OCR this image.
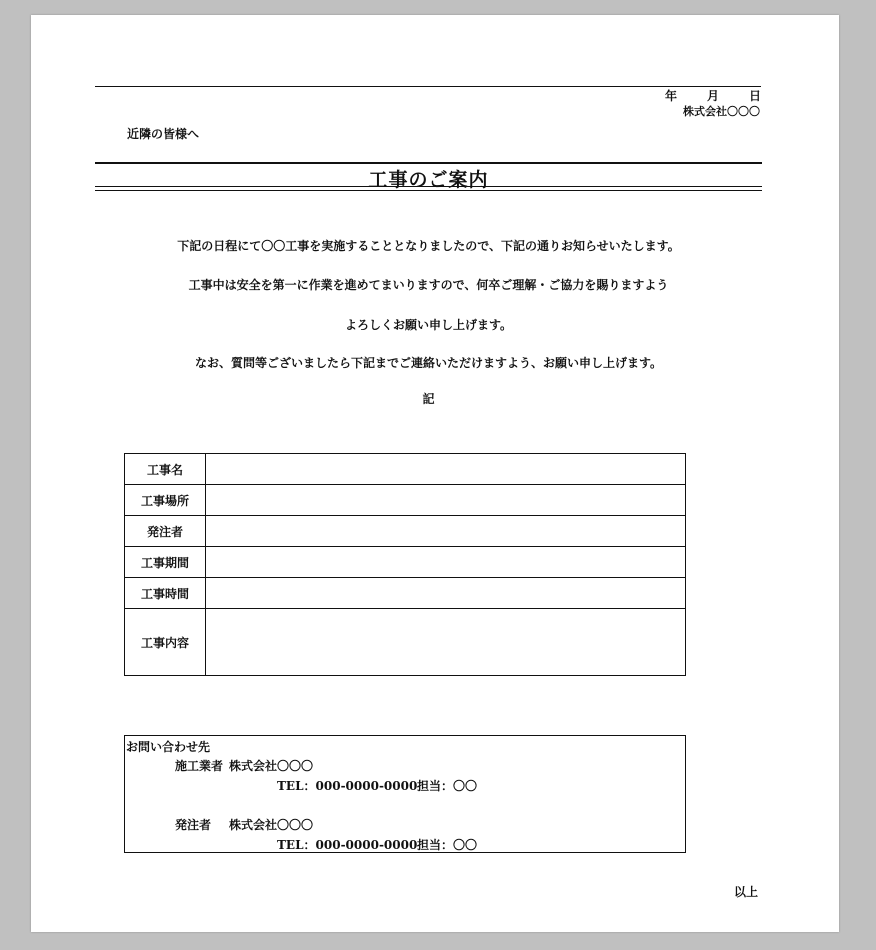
年	月	日
株式会社〇〇〇
近隣の皆様へ
工事のご案内
下記の日程にて〇〇工事を実施することとなりましたので、下記の通りお知らせいたします。
工事中は安全を第一に作業を進めてまいりますので、何卒ご理解・ご協力を賜りますよう
よろしくお願い申し上げます。
なお、質問等ございましたら下記までご連絡いただけますよう、お願い申し上げます。
記
工事名	
工事場所	
発注者	
工事期間	
工事時間	
工事内容	
お問い合わせ先
施工業者 株式会社〇〇〇
TEL：000-0000-0000 担当：〇〇
発注者 株式会社〇〇〇
TEL：000-0000-0000 担当：〇〇
以上
